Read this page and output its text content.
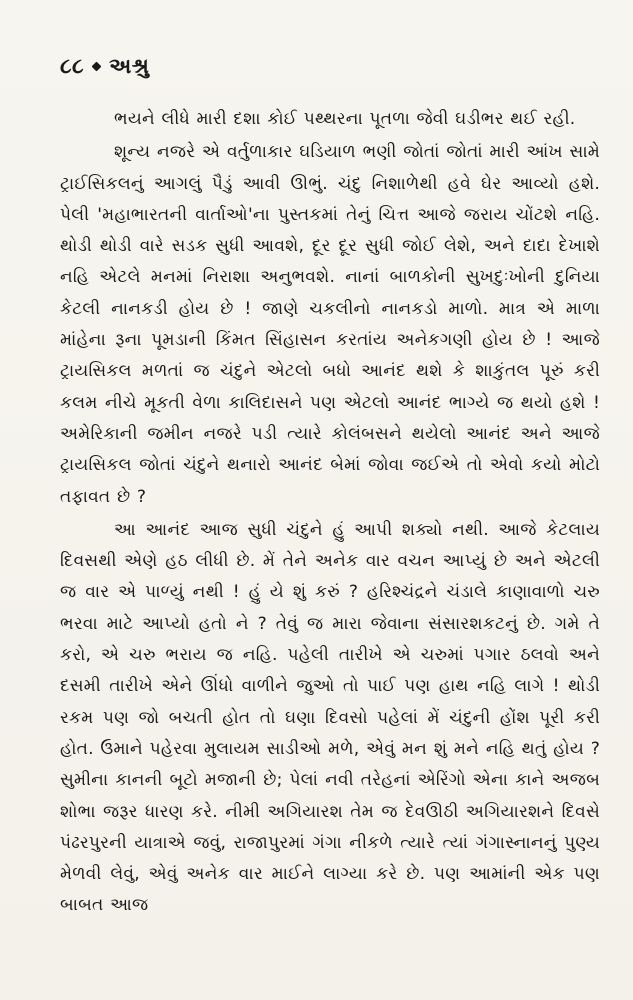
૮૮ અશ્રુ

ભયને લીધે મારી દશા કોઈ પથ્થરના પૂતળા જેવી ઘડીભર થઈ રહી.

શૂન્ય નજરે એ વર્તુળાકાર ઘડિયાળ ભણી જોતાં જોતાં મારી આંખ સામે ટ્રાઈસિકલનું આગલું પૈડું આવી ઊભું. ચંદુ નિશાળેથી હવે ઘેર આવ્યો હશે. પેલી 'મહાભારતની વાર્તાઓ'ના પુસ્તકમાં તેનું ચિત્ત આજે જરાય ચોંટશે નહિ. થોડી થોડી વારે સડક સુધી આવશે, દૂર દૂર સુધી જોઈ લેશે, અને દાદા દેખાશે નહિ એટલે મનમાં નિરાશા અનુભવશે. નાનાં બાળકોની સુખદુઃખોની દુનિયા કેટલી નાનકડી હોય છે ! જાણે ચકલીનો નાનકડો માળો. માત્ર એ માળા માંહેના રૂના પૂમડાની કિંમત સિંહાસન કરતાંય અનેકગણી હોય છે ! આજે ટ્રાયસિકલ મળતાં જ ચંદુને એટલો બધો આનંદ થશે કે શાકુંતલ પૂરું કરી કલમ નીચે મૂકતી વેળા કાલિદાસને પણ એટલો આનંદ ભાગ્યે જ થયો હશે ! અમેરિકાની જમીન નજરે પડી ત્યારે કોલંબસને થયેલો આનંદ અને આજે ટ્રાયસિકલ જોતાં ચંદુને થનારો આનંદ બેમાં જોવા જઈએ તો એવો કયો મોટો તફાવત છે ?

આ આનંદ આજ સુધી ચંદુને હું આપી શક્યો નથી. આજે કેટલાય દિવસથી એણે હઠ લીધી છે. મેં તેને અનેક વાર વચન આપ્યું છે અને એટલી જ વાર એ પાળ્યું નથી ! હું યે શું કરું ? હરિશ્ચંદ્રને ચંડાલે કાણાવાળો ચરુ ભરવા માટે આપ્યો હતો ને ? તેવું જ મારા જેવાના સંસારશકટનું છે. ગમે તે કરો, એ ચરુ ભરાય જ નહિ. પહેલી તારીખે એ ચરુમાં પગાર ઠલવો અને દસમી તારીખે એને ઊંધો વાળીને જુઓ તો પાઈ પણ હાથ નહિ લાગે ! થોડી રકમ પણ જો બચતી હોત તો ઘણા દિવસો પહેલાં મેં ચંદુની હોંશ પૂરી કરી હોત. ઉમાને પહેરવા મુલાયમ સાડીઓ મળે, એવું મન શું મને નહિ થતું હોય ? સુમીના કાનની બૂટો મજાની છે; પેલાં નવી તરેહનાં એરિંગો એના કાને અજબ શોભા જરૂર ધારણ કરે. નીમી અગિયારશ તેમ જ દેવઊઠી અગિયારશને દિવસે પંઢરપુરની યાત્રાએ જવું, રાજાપુરમાં ગંગા નીકળે ત્યારે ત્યાં ગંગાસ્નાનનું પુણ્ય મેળવી લેવું, એવું અનેક વાર માઈને લાગ્યા કરે છે. પણ આમાંની એક પણ બાબત આજ
